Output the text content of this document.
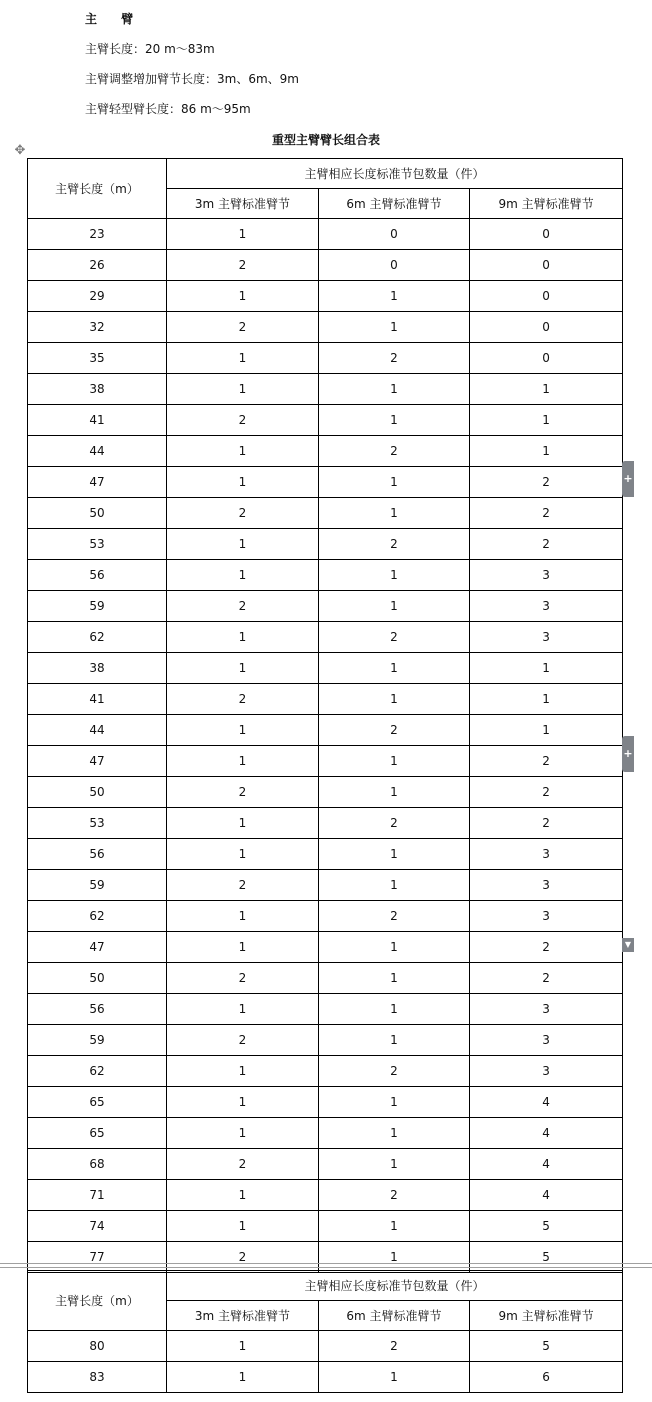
主 臂

主臂长度：20 m～83m

主臂调整增加臂节长度：3m、6m、9m

主臂轻型臂长度：86 m～95m

重型主臂臂长组合表

✥
主臂长度（m）	主臂相应长度标准节包数量（件）		
	3m 主臂标准臂节	6m 主臂标准臂节	9m 主臂标准臂节
23	1	0	0
26	2	0	0
29	1	1	0
32	2	1	0
35	1	2	0
38	1	1	1
41	2	1	1
44	1	2	1
47	1	1	2
50	2	1	2
53	1	2	2
56	1	1	3
59	2	1	3
62	1	2	3
38	1	1	1
41	2	1	1
44	1	2	1
47	1	1	2
50	2	1	2
53	1	2	2
56	1	1	3
59	2	1	3
62	1	2	3
47	1	1	2
50	2	1	2
56	1	1	3
59	2	1	3
62	1	2	3
65	1	1	4
65	1	1	4
68	2	1	4
71	1	2	4
74	1	1	5
77	2	1	5
主臂长度（m）	主臂相应长度标准节包数量（件）		
	3m 主臂标准臂节	6m 主臂标准臂节	9m 主臂标准臂节
80	1	2	5
83	1	1	6
+
+
▼
